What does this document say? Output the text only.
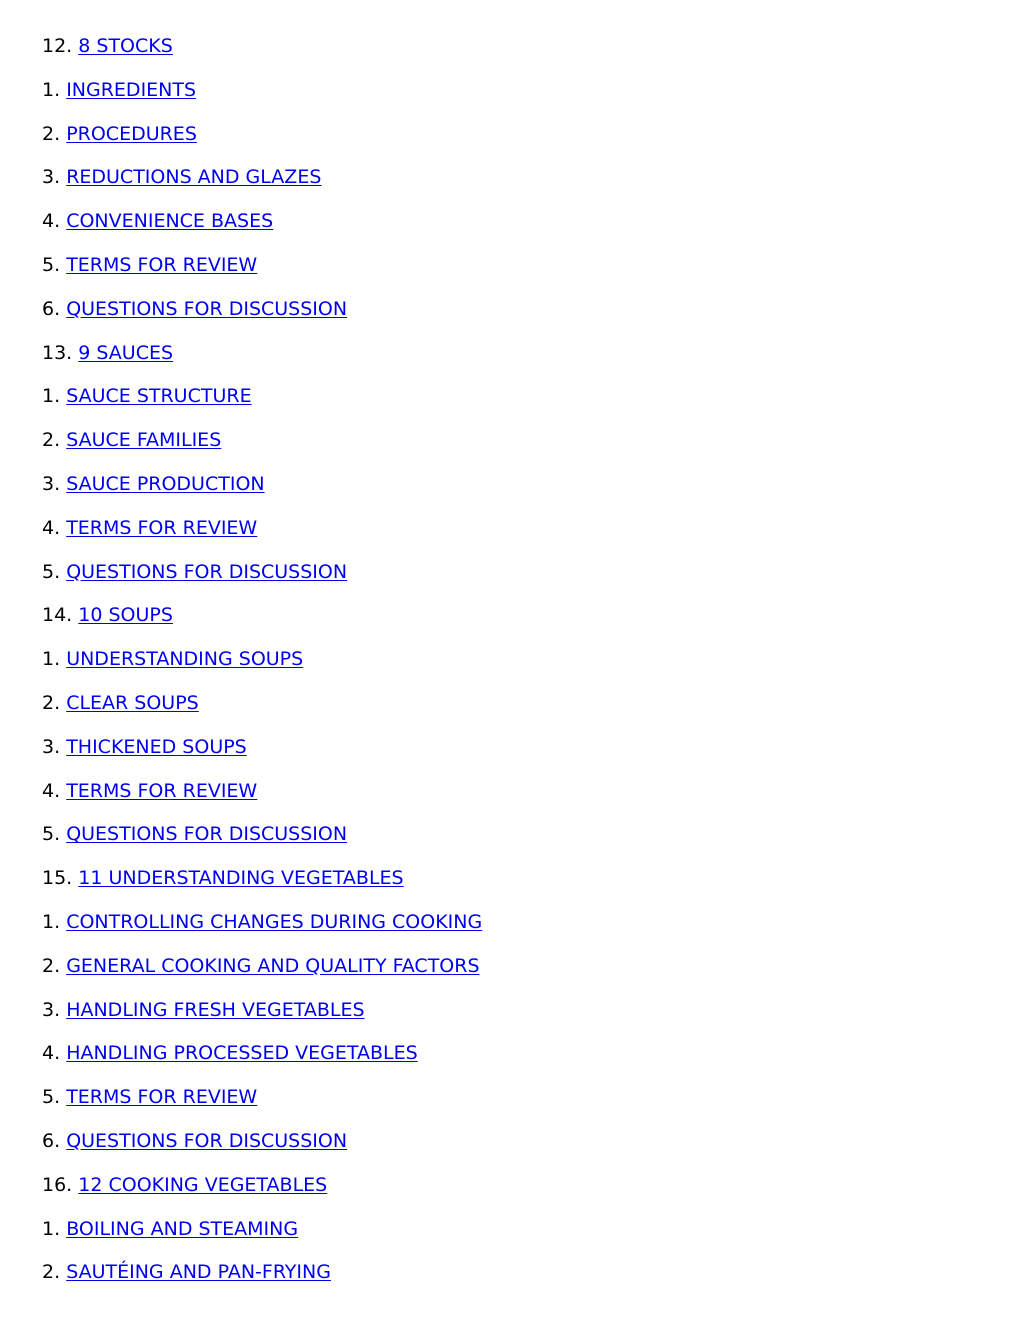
12. 8 STOCKS
1. INGREDIENTS
2. PROCEDURES
3. REDUCTIONS AND GLAZES
4. CONVENIENCE BASES
5. TERMS FOR REVIEW
6. QUESTIONS FOR DISCUSSION
13. 9 SAUCES
1. SAUCE STRUCTURE
2. SAUCE FAMILIES
3. SAUCE PRODUCTION
4. TERMS FOR REVIEW
5. QUESTIONS FOR DISCUSSION
14. 10 SOUPS
1. UNDERSTANDING SOUPS
2. CLEAR SOUPS
3. THICKENED SOUPS
4. TERMS FOR REVIEW
5. QUESTIONS FOR DISCUSSION
15. 11 UNDERSTANDING VEGETABLES
1. CONTROLLING CHANGES DURING COOKING
2. GENERAL COOKING AND QUALITY FACTORS
3. HANDLING FRESH VEGETABLES
4. HANDLING PROCESSED VEGETABLES
5. TERMS FOR REVIEW
6. QUESTIONS FOR DISCUSSION
16. 12 COOKING VEGETABLES
1. BOILING AND STEAMING
2. SAUTÉING AND PAN-FRYING
